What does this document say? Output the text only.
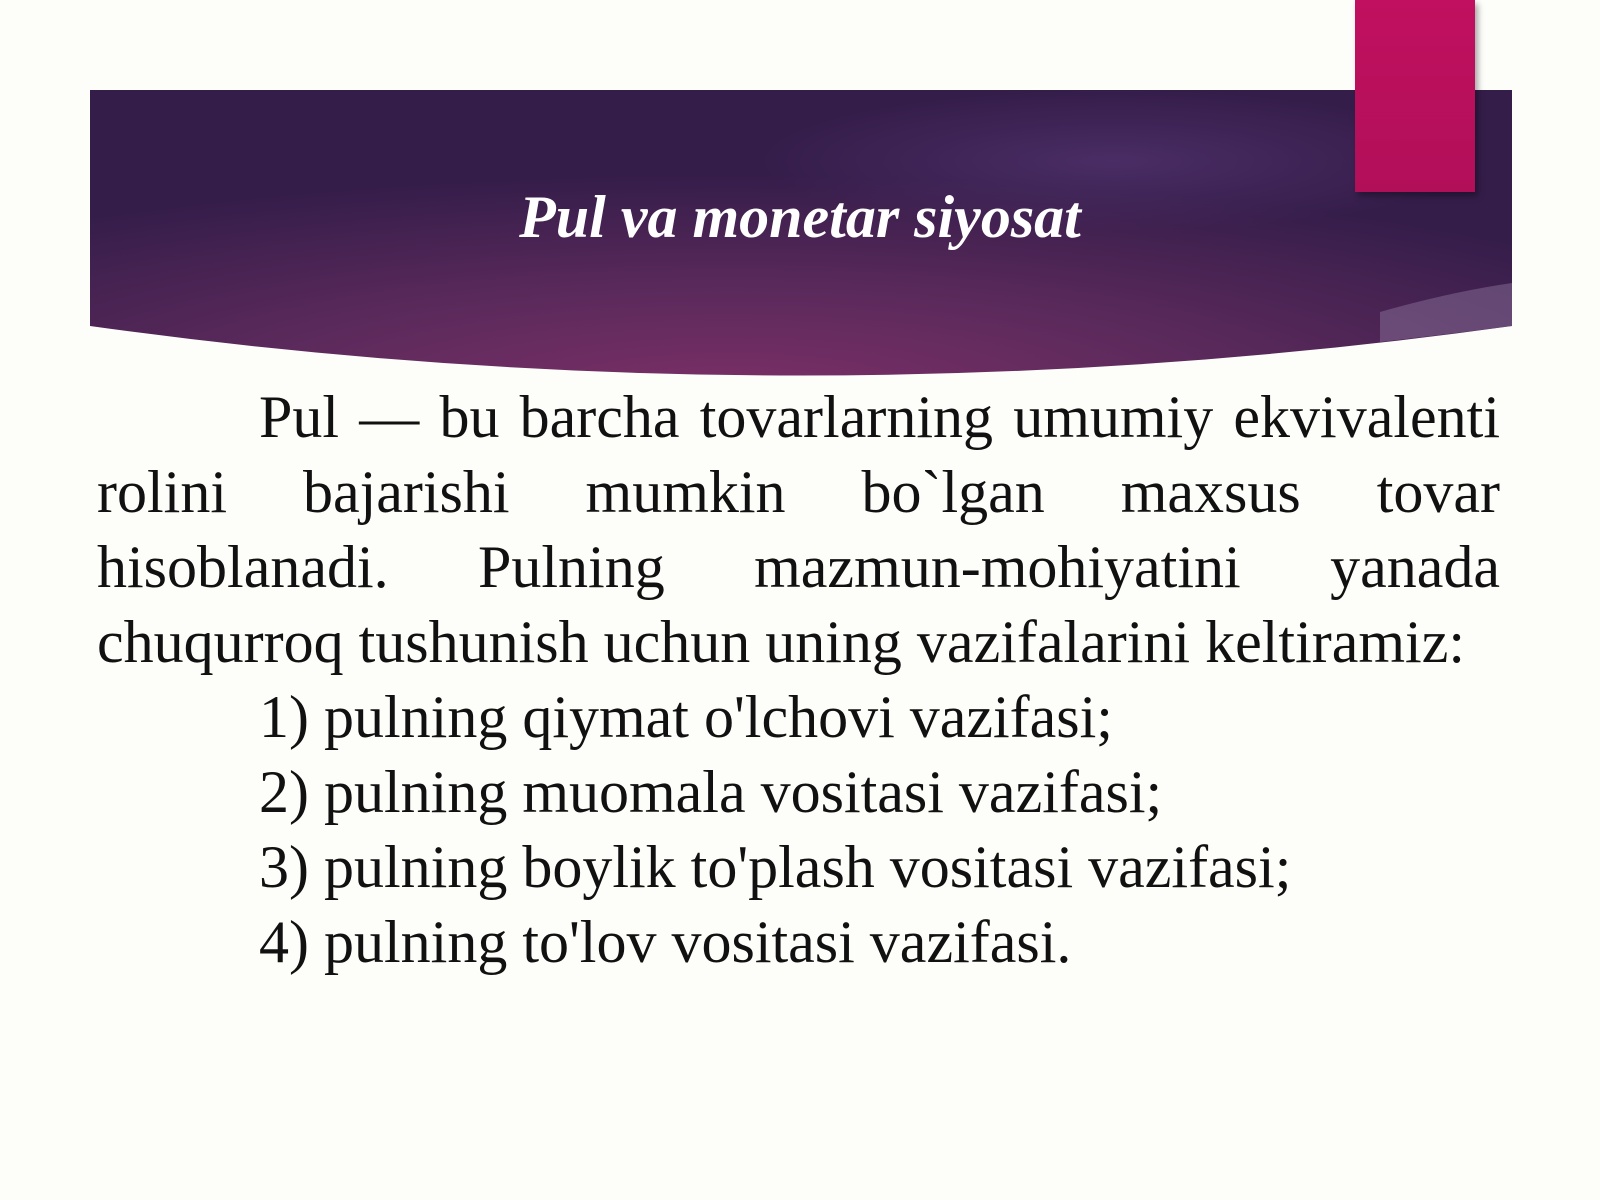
Pul va monetar siyosat

Pul — bu barcha tovarlarning umumiy ekvivalenti rolini bajarishi mumkin bo`lgan maxsus tovar hisoblanadi. Pulning mazmun-mohiyatini yanada chuqurroq tushunish uchun uning vazifalarini keltiramiz:

1) pulning qiymat o'lchovi vazifasi;
2) pulning muomala vositasi vazifasi;
3) pulning boylik to'plash vositasi vazifasi;
4) pulning to'lov vositasi vazifasi.
